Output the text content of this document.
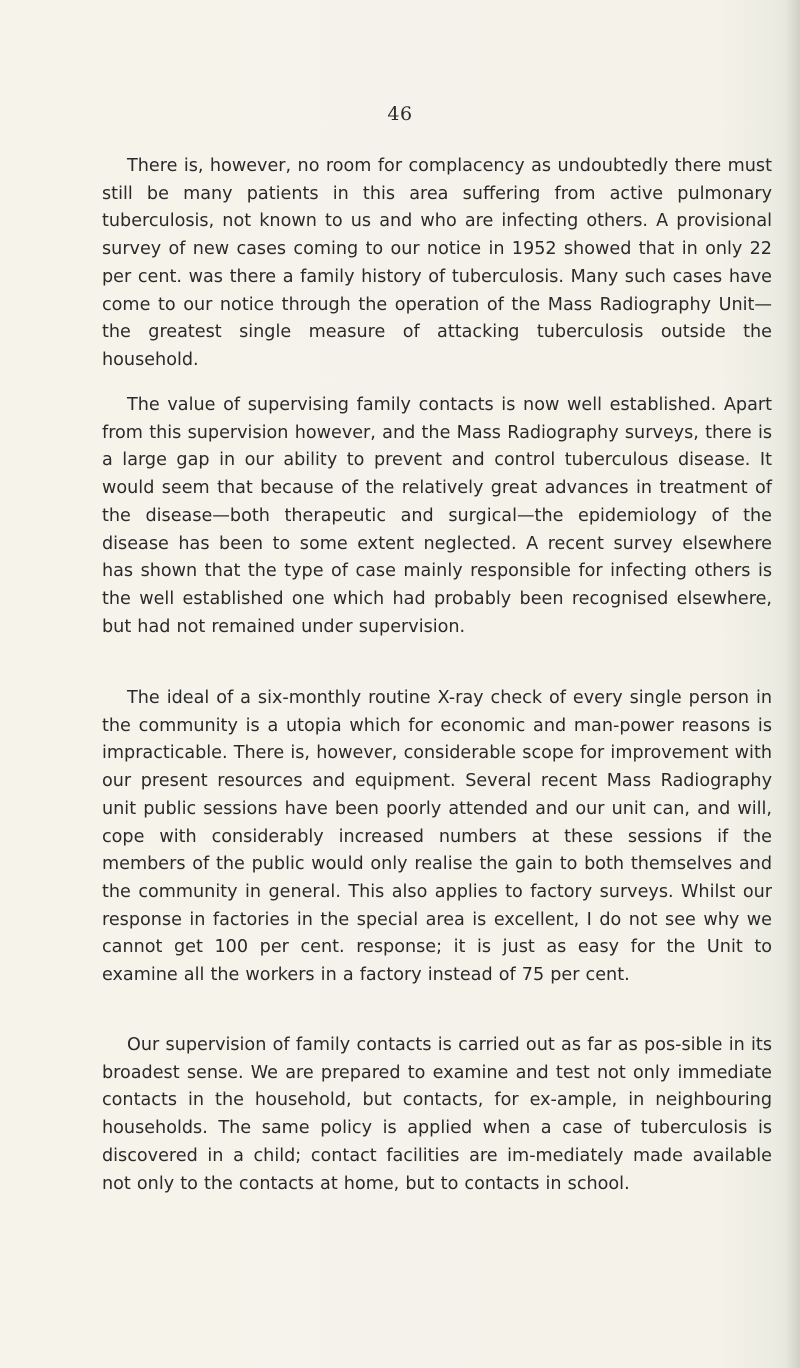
46

There is, however, no room for complacency as undoubtedly there must still be many patients in this area suffering from active pulmonary tuberculosis, not known to us and who are infecting others. A provisional survey of new cases coming to our notice in 1952 showed that in only 22 per cent. was there a family history of tuberculosis. Many such cases have come to our notice through the operation of the Mass Radiography Unit—the greatest single measure of attacking tuberculosis outside the household.

The value of supervising family contacts is now well established. Apart from this supervision however, and the Mass Radiography surveys, there is a large gap in our ability to prevent and control tuberculous disease. It would seem that because of the relatively great advances in treatment of the disease—both therapeutic and surgical—the epidemiology of the disease has been to some extent neglected. A recent survey elsewhere has shown that the type of case mainly responsible for infecting others is the well established one which had probably been recognised elsewhere, but had not remained under supervision.

The ideal of a six-monthly routine X-ray check of every single person in the community is a utopia which for economic and man-power reasons is impracticable. There is, however, considerable scope for improvement with our present resources and equipment. Several recent Mass Radiography unit public sessions have been poorly attended and our unit can, and will, cope with considerably increased numbers at these sessions if the members of the public would only realise the gain to both themselves and the community in general. This also applies to factory surveys. Whilst our response in factories in the special area is excellent, I do not see why we cannot get 100 per cent. response; it is just as easy for the Unit to examine all the workers in a factory instead of 75 per cent.

Our supervision of family contacts is carried out as far as pos-sible in its broadest sense. We are prepared to examine and test not only immediate contacts in the household, but contacts, for ex-ample, in neighbouring households. The same policy is applied when a case of tuberculosis is discovered in a child; contact facilities are im-mediately made available not only to the contacts at home, but to contacts in school.
